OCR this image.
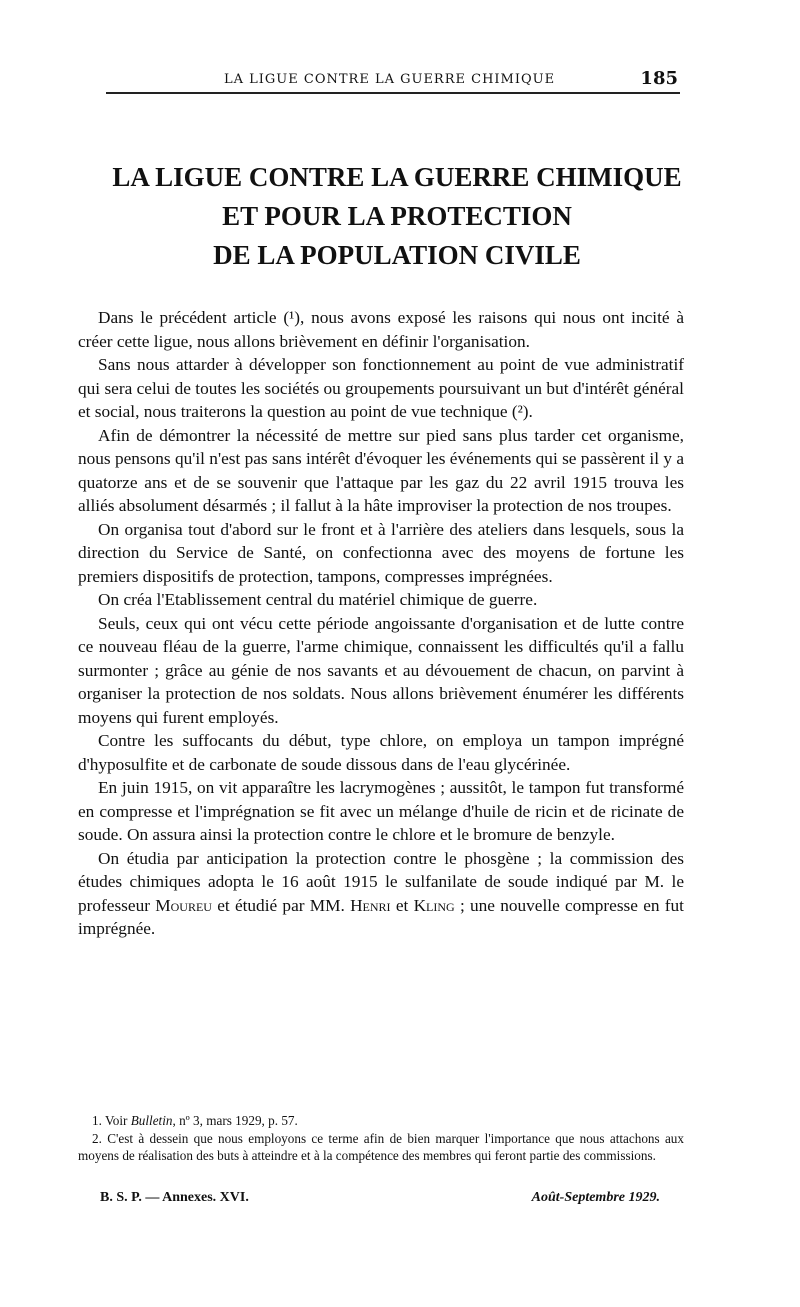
LA LIGUE CONTRE LA GUERRE CHIMIQUE	185
LA LIGUE CONTRE LA GUERRE CHIMIQUE
ET POUR LA PROTECTION
DE LA POPULATION CIVILE

Dans le précédent article (¹), nous avons exposé les raisons qui nous ont incité à créer cette ligue, nous allons brièvement en définir l'organisation.

Sans nous attarder à développer son fonctionnement au point de vue administratif qui sera celui de toutes les sociétés ou groupements poursuivant un but d'intérêt général et social, nous traiterons la question au point de vue technique (²).

Afin de démontrer la nécessité de mettre sur pied sans plus tarder cet organisme, nous pensons qu'il n'est pas sans intérêt d'évoquer les événements qui se passèrent il y a quatorze ans et de se souvenir que l'attaque par les gaz du 22 avril 1915 trouva les alliés absolument désarmés ; il fallut à la hâte improviser la protection de nos troupes.

On organisa tout d'abord sur le front et à l'arrière des ateliers dans lesquels, sous la direction du Service de Santé, on confectionna avec des moyens de fortune les premiers dispositifs de protection, tampons, compresses imprégnées.

On créa l'Etablissement central du matériel chimique de guerre.

Seuls, ceux qui ont vécu cette période angoissante d'organisation et de lutte contre ce nouveau fléau de la guerre, l'arme chimique, connaissent les difficultés qu'il a fallu surmonter ; grâce au génie de nos savants et au dévouement de chacun, on parvint à organiser la protection de nos soldats. Nous allons brièvement énumérer les différents moyens qui furent employés.

Contre les suffocants du début, type chlore, on employa un tampon imprégné d'hyposulfite et de carbonate de soude dissous dans de l'eau glycérinée.

En juin 1915, on vit apparaître les lacrymogènes ; aussitôt, le tampon fut transformé en compresse et l'imprégnation se fit avec un mélange d'huile de ricin et de ricinate de soude. On assura ainsi la protection contre le chlore et le bromure de benzyle.

On étudia par anticipation la protection contre le phosgène ; la commission des études chimiques adopta le 16 août 1915 le sulfanilate de soude indiqué par M. le professeur Moureu et étudié par MM. Henri et Kling ; une nouvelle compresse en fut imprégnée.

1. Voir Bulletin, nº 3, mars 1929, p. 57.

2. C'est à dessein que nous employons ce terme afin de bien marquer l'importance que nous attachons aux moyens de réalisation des buts à atteindre et à la compétence des membres qui feront partie des commissions.

B. S. P. — Annexes. XVI.	Août-Septembre 1929.
